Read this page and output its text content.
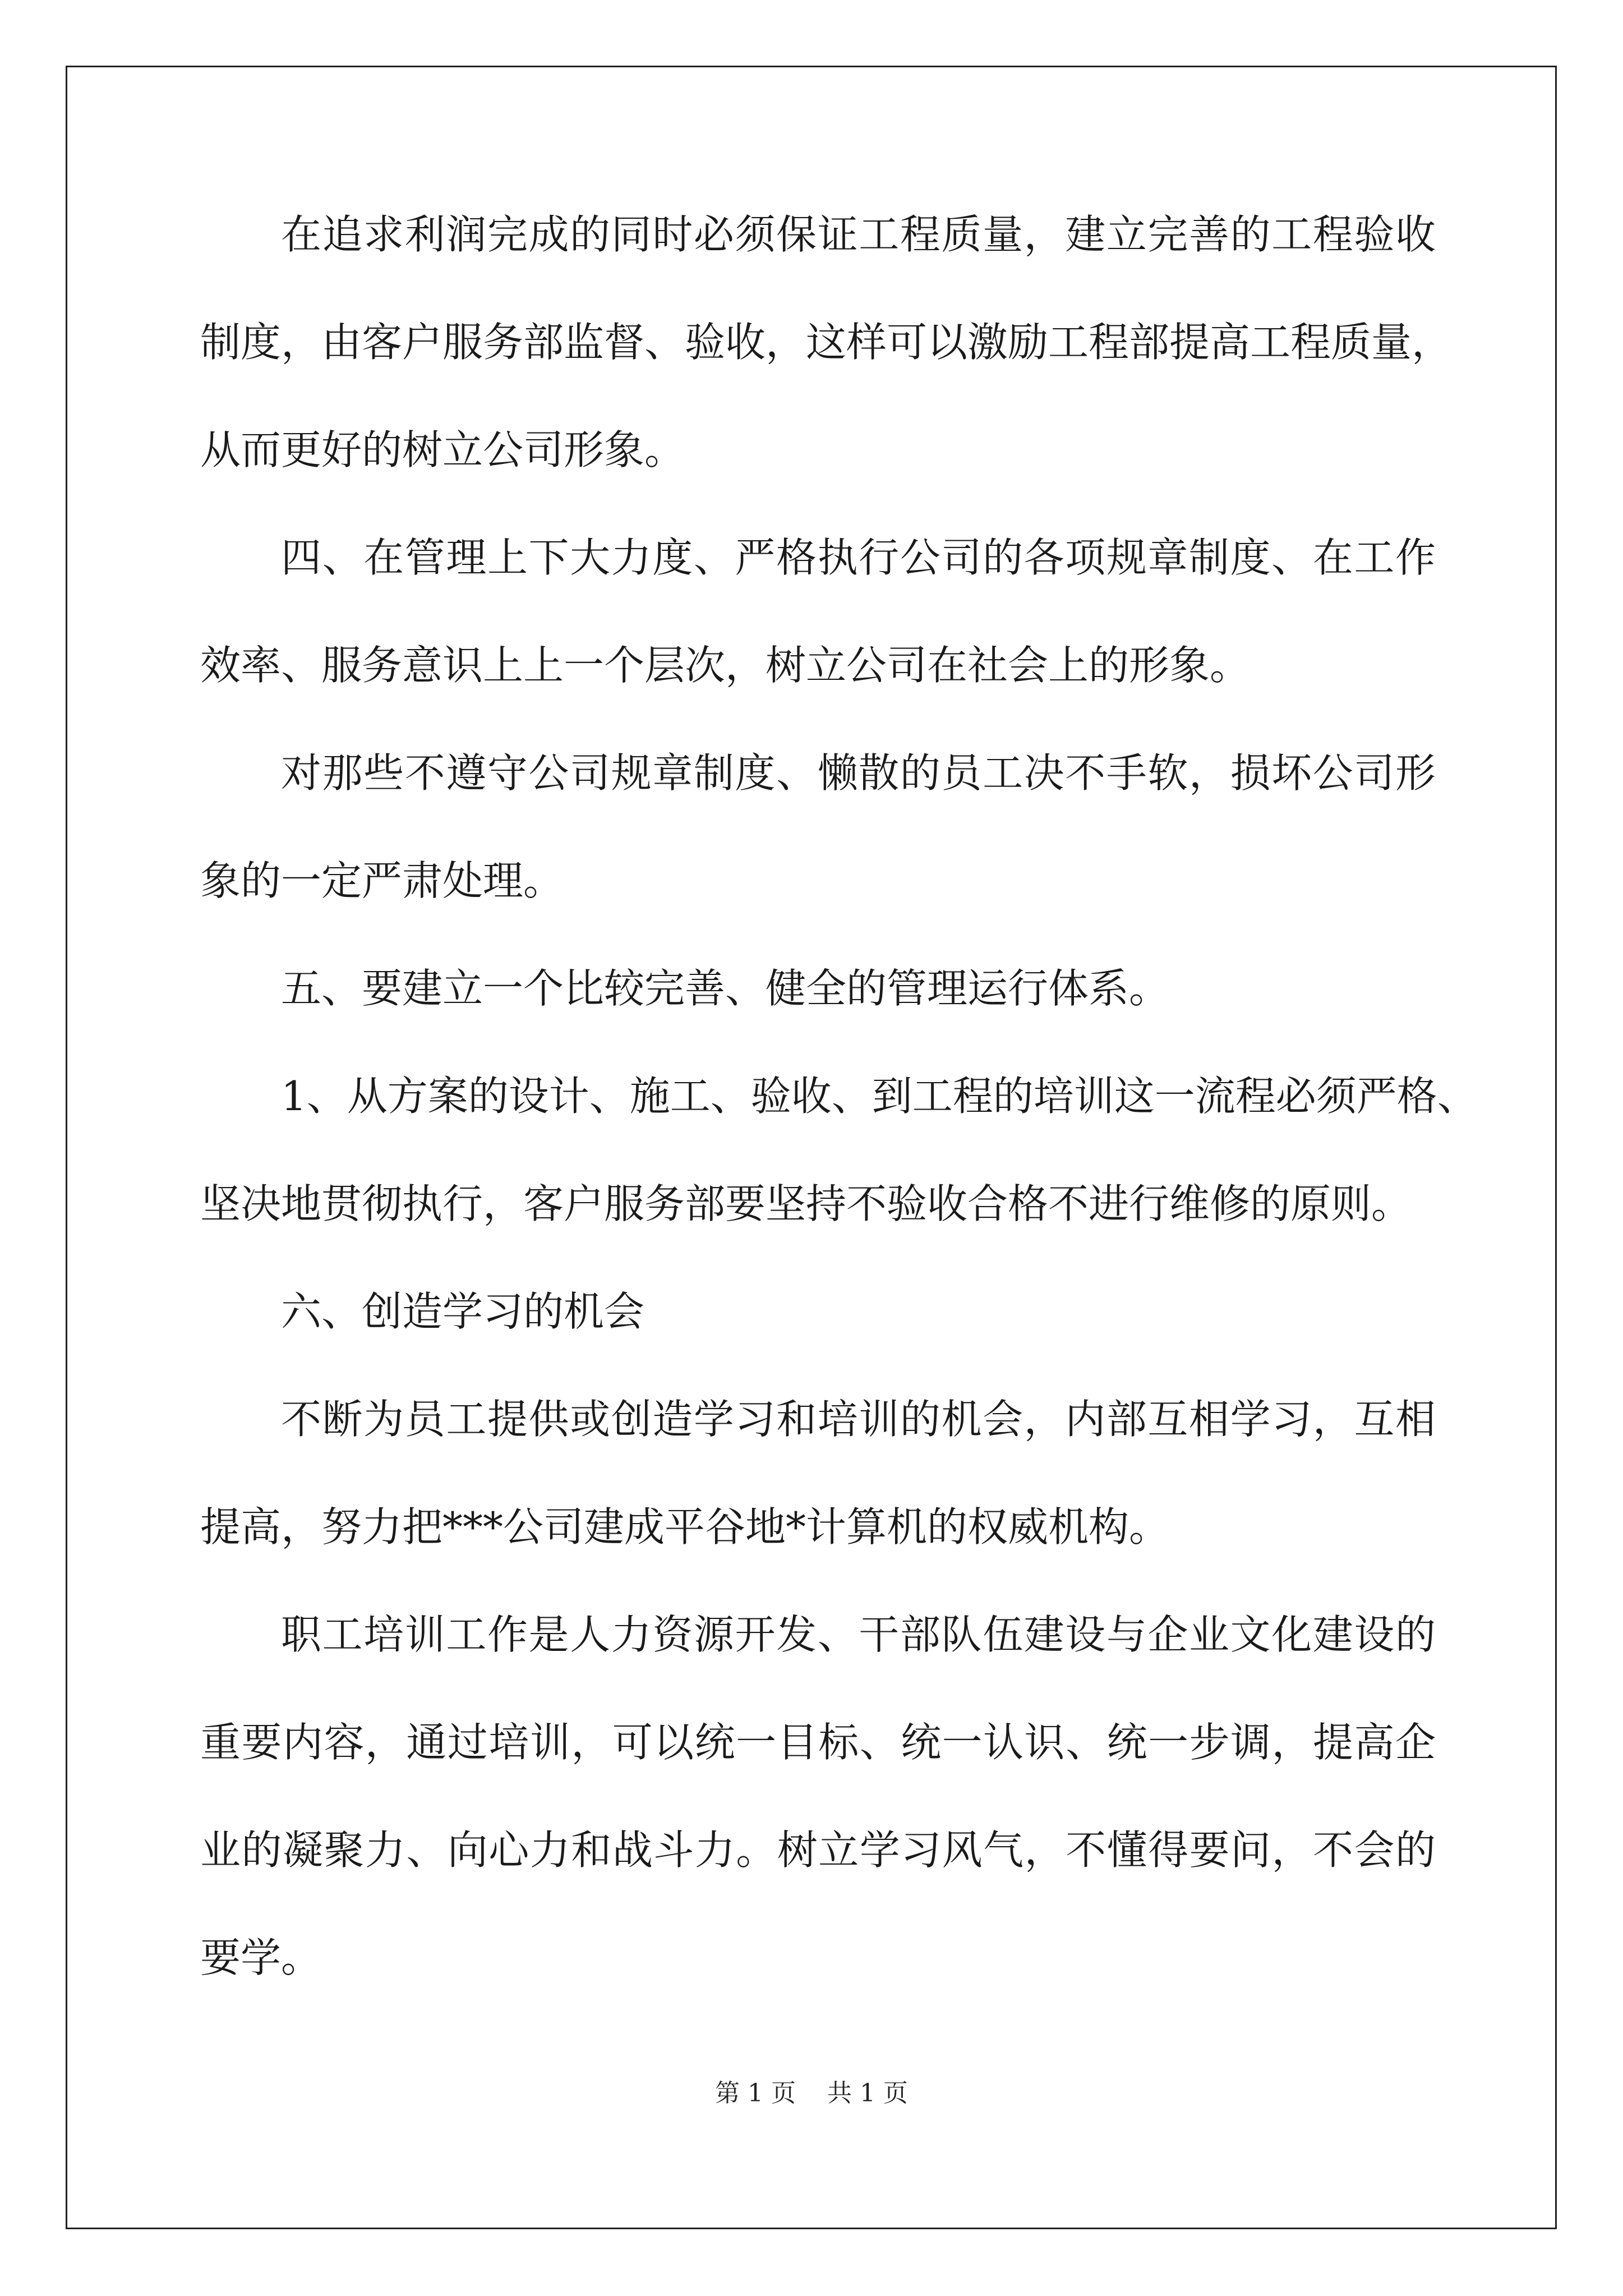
在追求利润完成的同时必须保证工程质量，建立完善的工程验收
制度，由客户服务部监督、验收，这样可以激励工程部提高工程质量，
从而更好的树立公司形象。
四、在管理上下大力度、严格执行公司的各项规章制度、在工作
效率、服务意识上上一个层次，树立公司在社会上的形象。
对那些不遵守公司规章制度、懒散的员工决不手软，损坏公司形
象的一定严肃处理。
五、要建立一个比较完善、健全的管理运行体系。
1、从方案的设计、施工、验收、到工程的培训这一流程必须严格、
坚决地贯彻执行，客户服务部要坚持不验收合格不进行维修的原则。
六、创造学习的机会
不断为员工提供或创造学习和培训的机会，内部互相学习，互相
提高，努力把***公司建成平谷地*计算机的权威机构。
职工培训工作是人力资源开发、干部队伍建设与企业文化建设的
重要内容，通过培训，可以统一目标、统一认识、统一步调，提高企
业的凝聚力、向心力和战斗力。树立学习风气，不懂得要问，不会的
要学。
第 1 页    共 1 页
